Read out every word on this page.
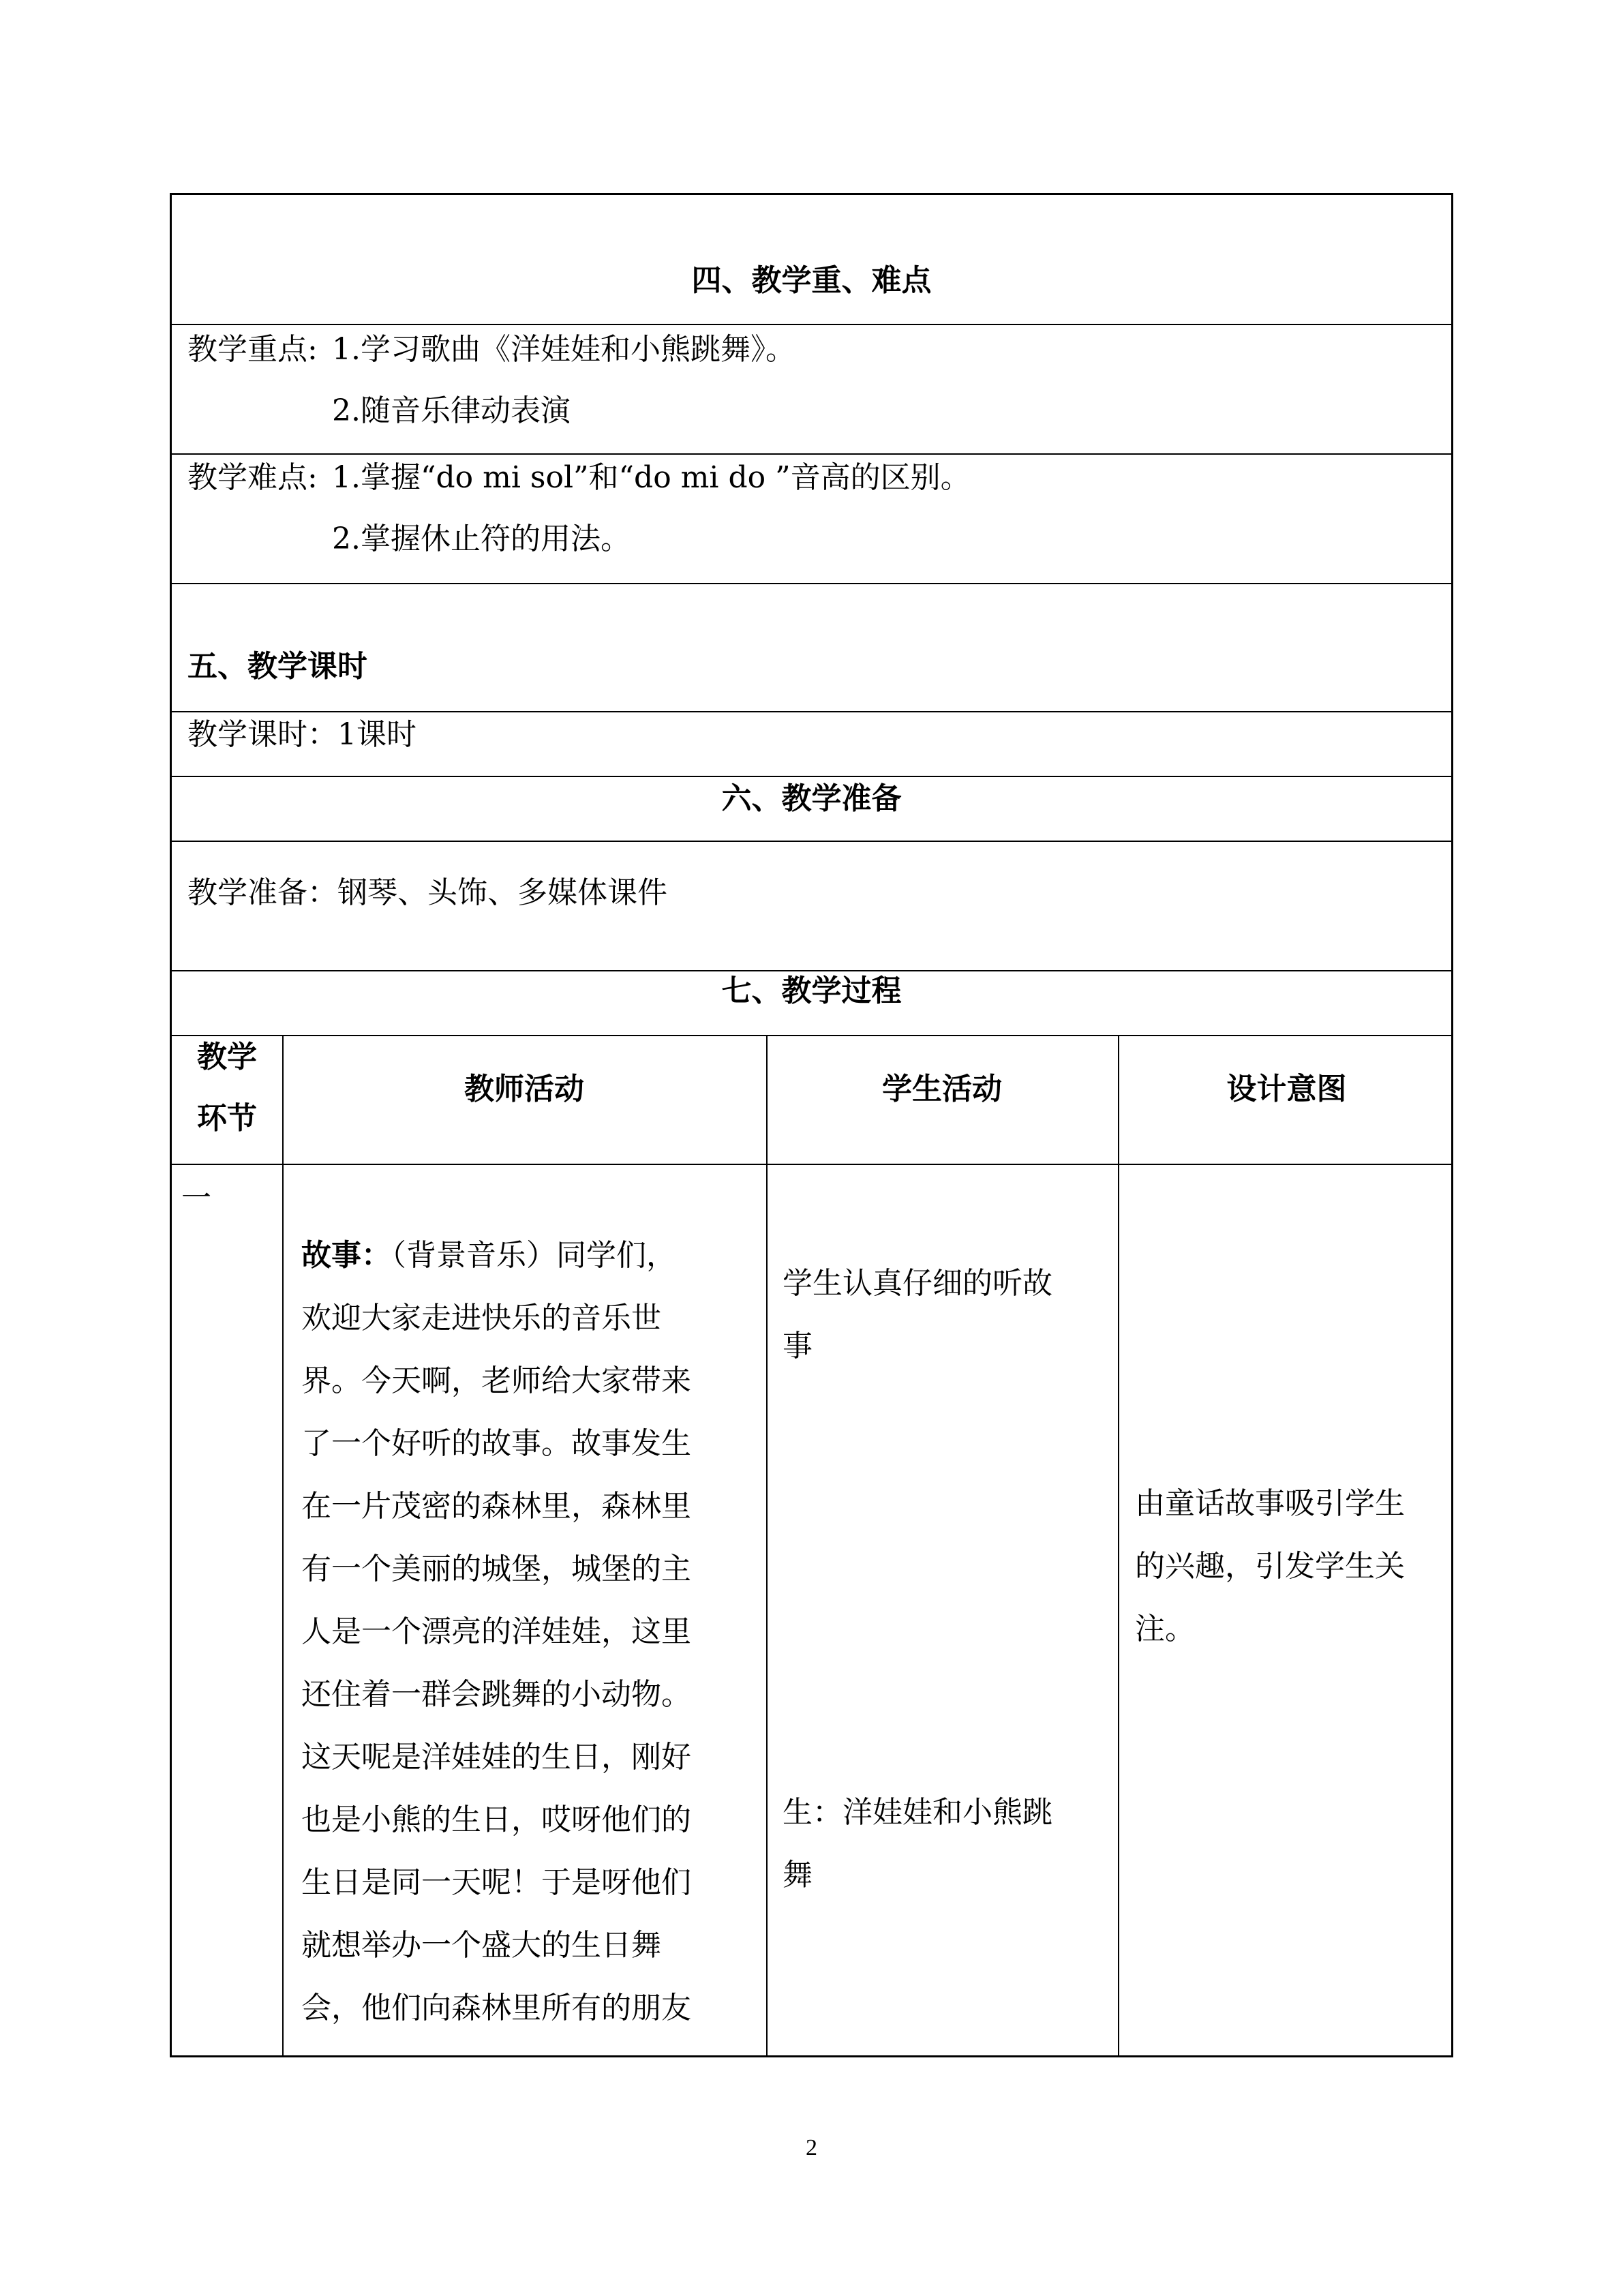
四、教学重、难点
教学重点: 1.学习歌曲《洋娃娃和小熊跳舞》。
2.随音乐律动表演
教学难点: 1.掌握“do mi sol”和“do mi do ”音高的区别。
2.掌握休止符的用法。
五、教学课时
教学课时：1课时
六、教学准备
教学准备：钢琴、头饰、多媒体课件
七、教学过程
教学
环节
教师活动	学生活动	设计意图
一
故事：（背景音乐）同学们，
欢迎大家走进快乐的音乐世
界。今天啊，老师给大家带来
了一个好听的故事。故事发生
在一片茂密的森林里，森林里
有一个美丽的城堡，城堡的主
人是一个漂亮的洋娃娃，这里
还住着一群会跳舞的小动物。
这天呢是洋娃娃的生日，刚好
也是小熊的生日，哎呀他们的
生日是同一天呢！于是呀他们
就想举办一个盛大的生日舞
会，他们向森林里所有的朋友
学生认真仔细的听故
事
生：洋娃娃和小熊跳
舞
由童话故事吸引学生
的兴趣，引发学生关
注。
2
